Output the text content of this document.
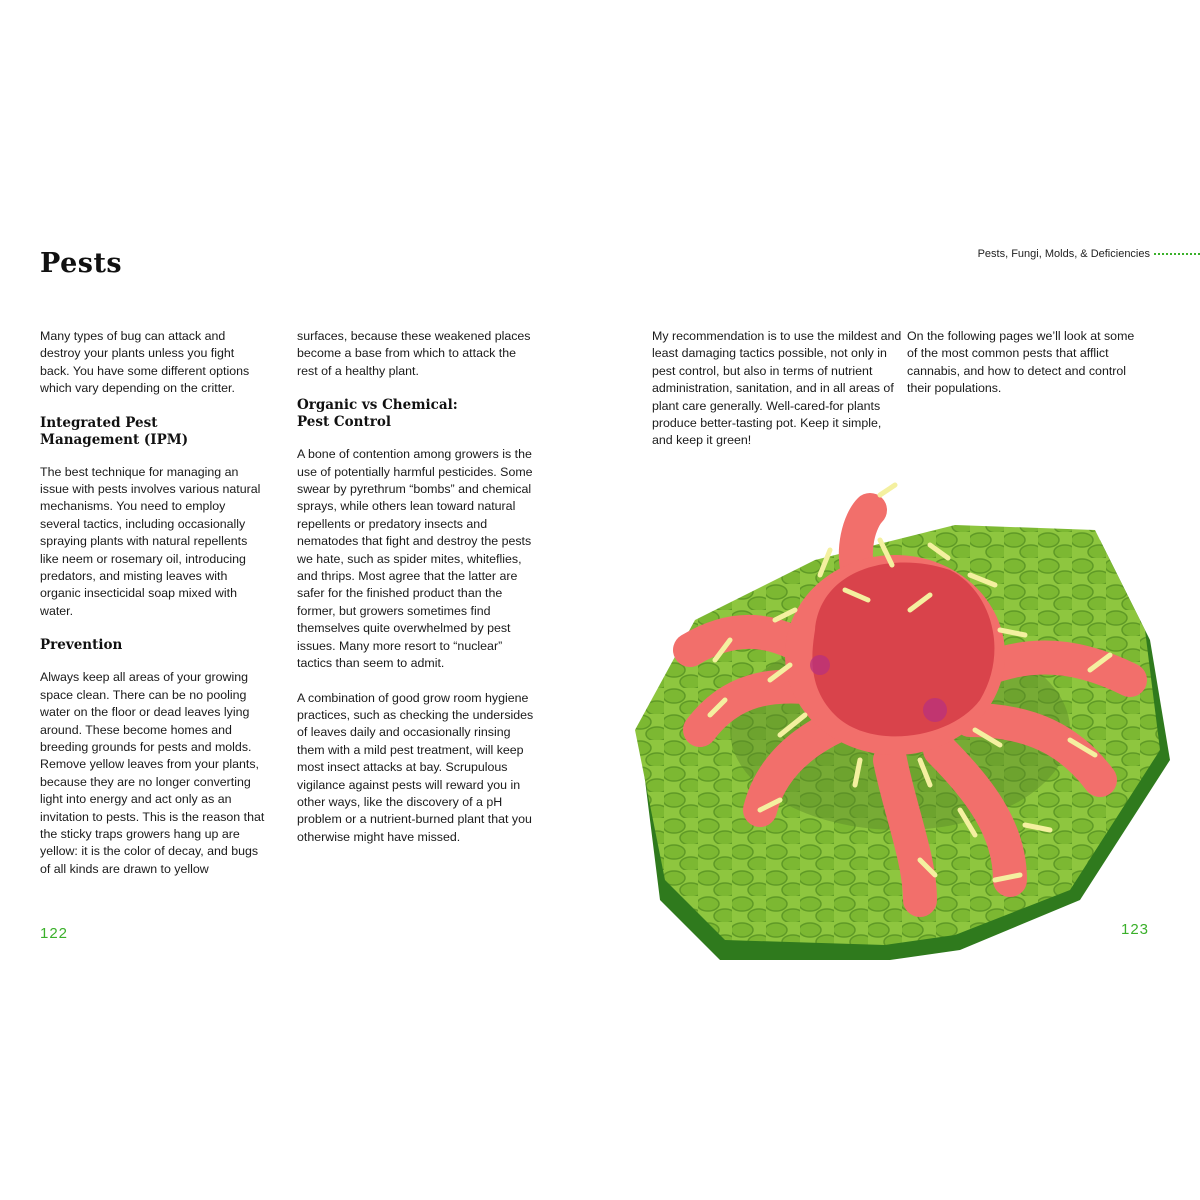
Pests

Many types of bug can attack and destroy your plants unless you fight back. You have some different options which vary depending on the critter.

Integrated Pest
Management (IPM)

The best technique for managing an issue with pests involves various natural mechanisms. You need to employ several tactics, including occasionally spraying plants with natural repellents like neem or rosemary oil, introducing predators, and misting leaves with organic insecticidal soap mixed with water.

Prevention

Always keep all areas of your growing space clean. There can be no pooling water on the floor or dead leaves lying around. These become homes and breeding grounds for pests and molds. Remove yellow leaves from your plants, because they are no longer converting light into energy and act only as an invitation to pests. This is the reason that the sticky traps growers hang up are yellow: it is the color of decay, and bugs of all kinds are drawn to yellow

surfaces, because these weakened places become a base from which to attack the rest of a healthy plant.

Organic vs Chemical:
Pest Control

A bone of contention among growers is the use of potentially harmful pesticides. Some swear by pyrethrum “bombs” and chemical sprays, while others lean toward natural repellents or predatory insects and nematodes that fight and destroy the pests we hate, such as spider mites, whiteflies, and thrips. Most agree that the latter are safer for the finished product than the former, but growers sometimes find themselves quite overwhelmed by pest issues. Many more resort to “nuclear” tactics than seem to admit.

A combination of good grow room hygiene practices, such as checking the undersides of leaves daily and occasionally rinsing them with a mild pest treatment, will keep most insect attacks at bay. Scrupulous vigilance against pests will reward you in other ways, like the discovery of a pH problem or a nutrient-burned plant that you otherwise might have missed.

122
Pests, Fungi, Molds, & Deficiencies

My recommendation is to use the mildest and least damaging tactics possible, not only in pest control, but also in terms of nutrient administration, sanitation, and in all areas of plant care generally. Well-cared-for plants produce better-tasting pot. Keep it simple, and keep it green!

On the following pages we’ll look at some of the most common pests that afflict cannabis, and how to detect and control their populations.

123
